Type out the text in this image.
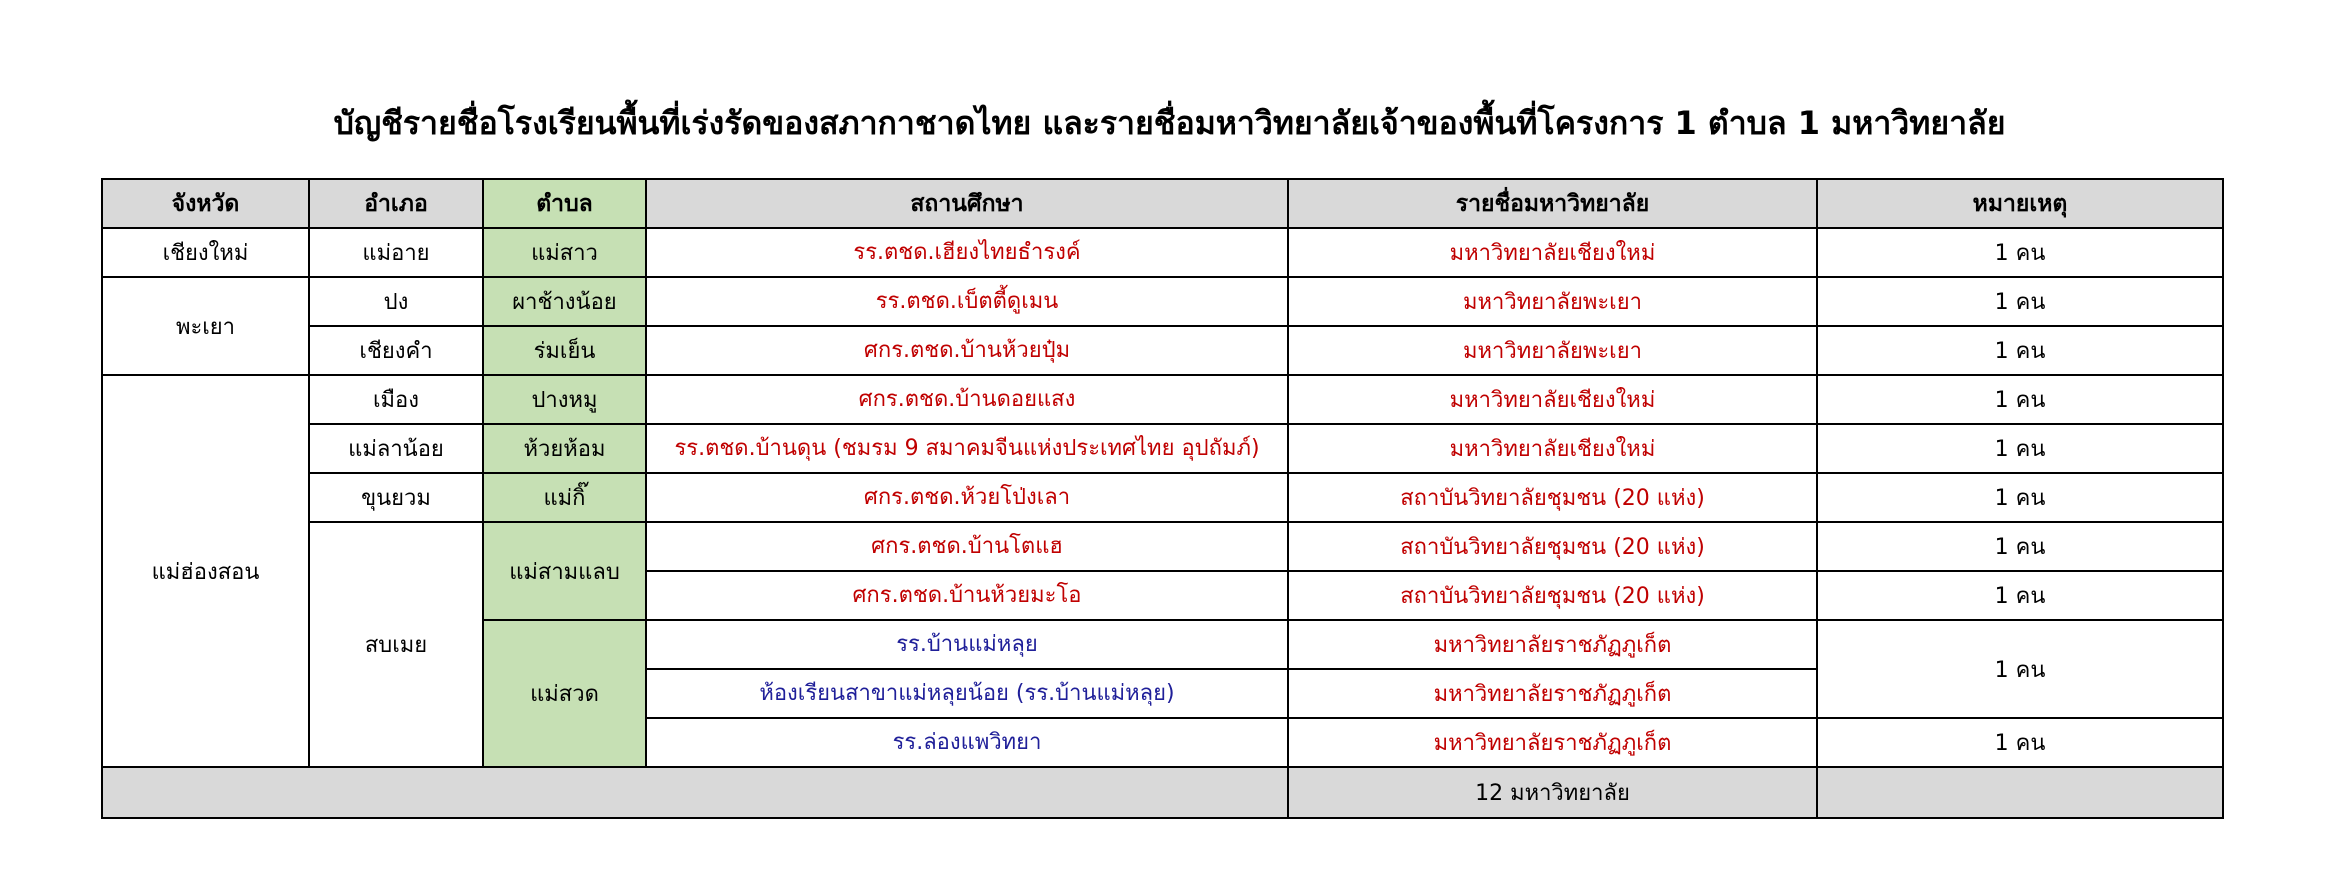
บัญชีรายชื่อโรงเรียนพื้นที่เร่งรัดของสภากาชาดไทย และรายชื่อมหาวิทยาลัยเจ้าของพื้นที่โครงการ 1 ตำบล 1 มหาวิทยาลัย
จังหวัด	อำเภอ	ตำบล	สถานศึกษา	รายชื่อมหาวิทยาลัย	หมายเหตุ
เชียงใหม่	แม่อาย	แม่สาว	รร.ตชด.เฮียงไทยธำรงค์	มหาวิทยาลัยเชียงใหม่	1 คน
พะเยา	ปง	ผาช้างน้อย	รร.ตชด.เบ็ตตี้ดูเมน	มหาวิทยาลัยพะเยา	1 คน
	เชียงคำ	ร่มเย็น	ศกร.ตชด.บ้านห้วยปุ๋ม	มหาวิทยาลัยพะเยา	1 คน
แม่ฮ่องสอน	เมือง	ปางหมู	ศกร.ตชด.บ้านดอยแสง	มหาวิทยาลัยเชียงใหม่	1 คน
	แม่ลาน้อย	ห้วยห้อม	รร.ตชด.บ้านดุน (ชมรม 9 สมาคมจีนแห่งประเทศไทย อุปถัมภ์)	มหาวิทยาลัยเชียงใหม่	1 คน
	ขุนยวม	แม่กิ๊	ศกร.ตชด.ห้วยโป่งเลา	สถาบันวิทยาลัยชุมชน (20 แห่ง)	1 คน
	สบเมย	แม่สามแลบ	ศกร.ตชด.บ้านโตแฮ	สถาบันวิทยาลัยชุมชน (20 แห่ง)	1 คน
			ศกร.ตชด.บ้านห้วยมะโอ	สถาบันวิทยาลัยชุมชน (20 แห่ง)	1 คน
		แม่สวด	รร.บ้านแม่หลุย	มหาวิทยาลัยราชภัฏภูเก็ต	1 คน
			ห้องเรียนสาขาแม่หลุยน้อย (รร.บ้านแม่หลุย)	มหาวิทยาลัยราชภัฏภูเก็ต	
			รร.ล่องแพวิทยา	มหาวิทยาลัยราชภัฏภูเก็ต	1 คน
				12 มหาวิทยาลัย	
